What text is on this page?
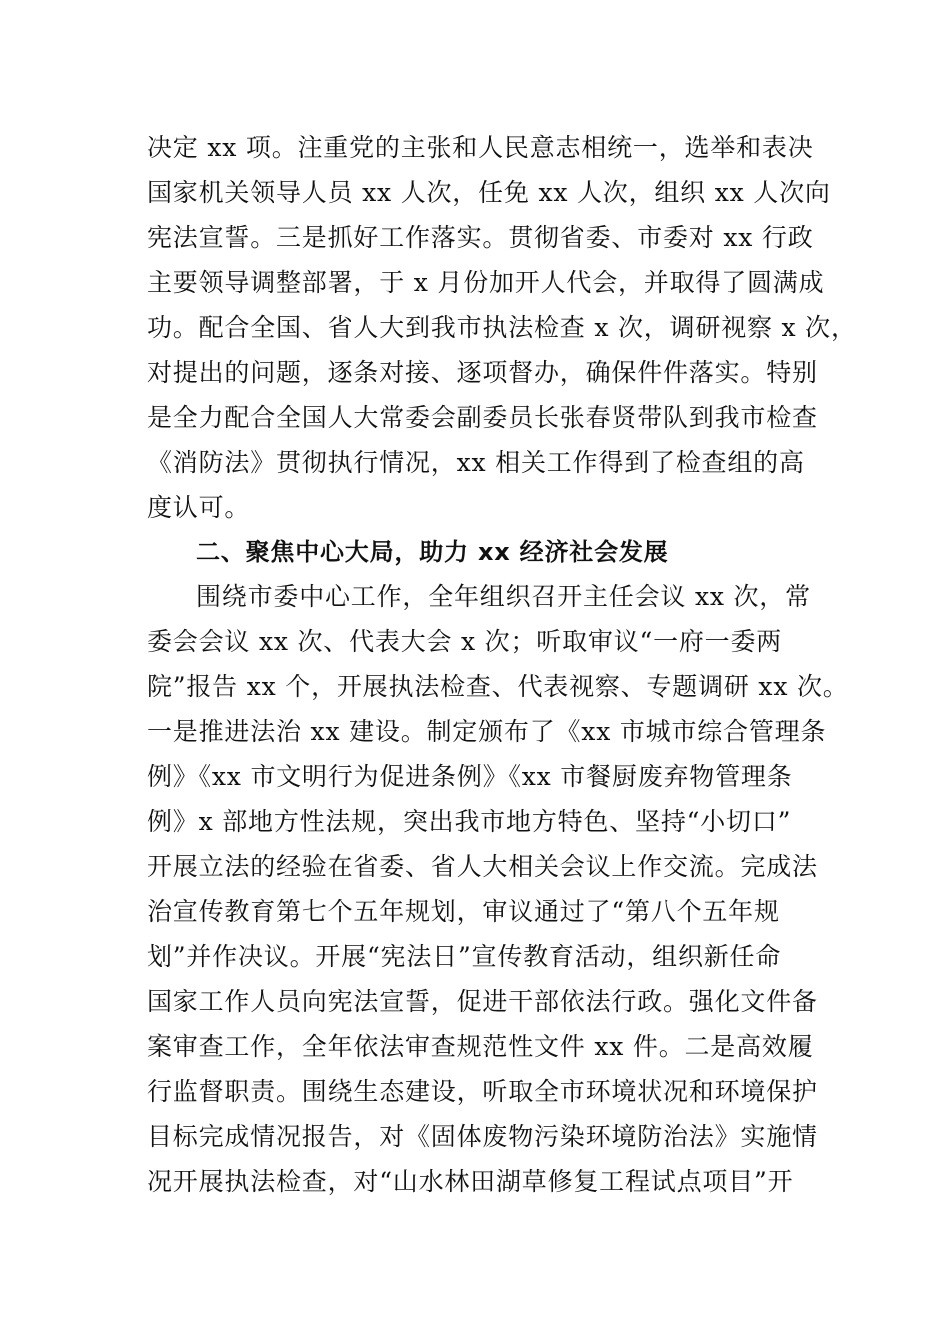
决定 xx 项。注重党的主张和人民意志相统一，选举和表决
国家机关领导人员 xx 人次，任免 xx 人次，组织 xx 人次向
宪法宣誓。三是抓好工作落实。贯彻省委、市委对 xx 行政
主要领导调整部署，于 x 月份加开人代会，并取得了圆满成
功。配合全国、省人大到我市执法检查 x 次，调研视察 x 次，
对提出的问题，逐条对接、逐项督办，确保件件落实。特别
是全力配合全国人大常委会副委员长张春贤带队到我市检查
《消防法》贯彻执行情况，xx 相关工作得到了检查组的高
度认可。
二、聚焦中心大局，助力 xx 经济社会发展
围绕市委中心工作，全年组织召开主任会议 xx 次，常
委会会议 xx 次、代表大会 x 次；听取审议“一府一委两
院”报告 xx 个，开展执法检查、代表视察、专题调研 xx 次。
一是推进法治 xx 建设。制定颁布了《xx 市城市综合管理条
例》《xx 市文明行为促进条例》《xx 市餐厨废弃物管理条
例》x 部地方性法规，突出我市地方特色、坚持“小切口”
开展立法的经验在省委、省人大相关会议上作交流。完成法
治宣传教育第七个五年规划，审议通过了“第八个五年规
划”并作决议。开展“宪法日”宣传教育活动，组织新任命
国家工作人员向宪法宣誓，促进干部依法行政。强化文件备
案审查工作，全年依法审查规范性文件 xx 件。二是高效履
行监督职责。围绕生态建设，听取全市环境状况和环境保护
目标完成情况报告，对《固体废物污染环境防治法》实施情
况开展执法检查，对“山水林田湖草修复工程试点项目”开
